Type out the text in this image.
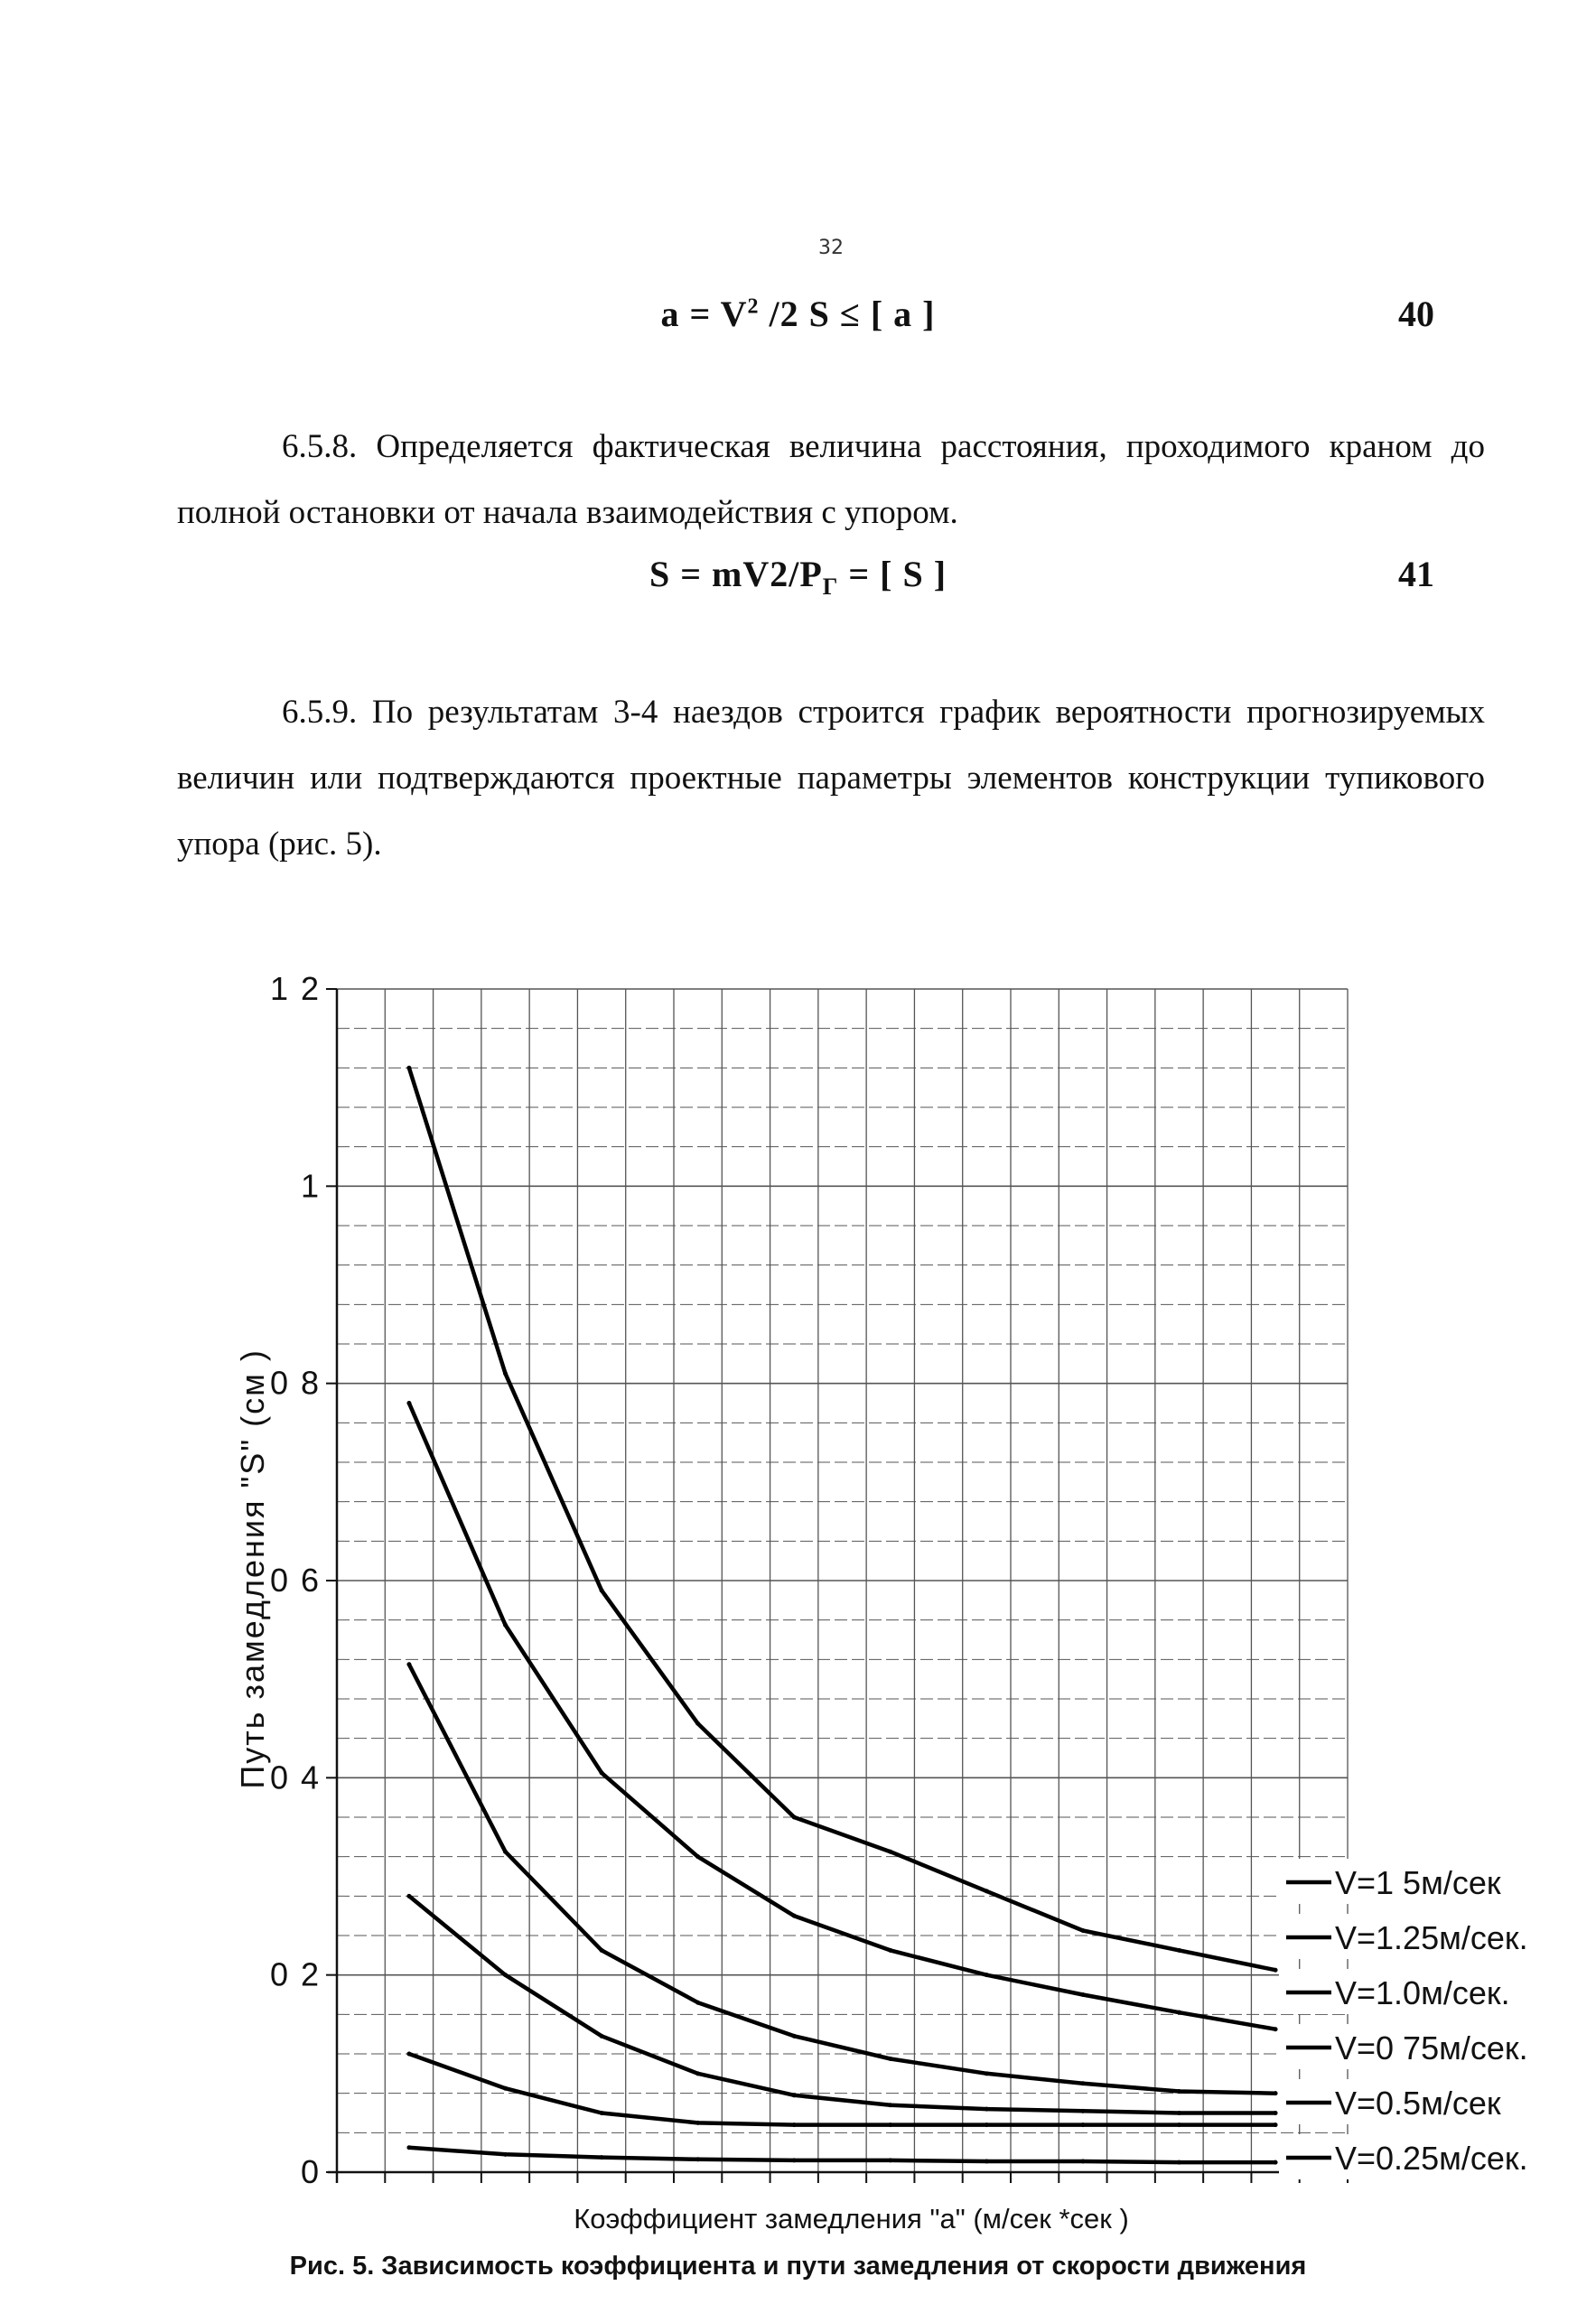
32
$a = V^2$ /2 S ≤ [ a ]	40

6.5.8. Определяется фактическая величина расстояния, проходимого краном до полной остановки от начала взаимодействия с упором.

$S = mV2/P_Г$ = [ S ]	41

6.5.9. По результатам 3-4 наездов строится график вероятности прогнозируемых величин или подтверждаются проектные параметры элементов конструкции тупикового упора (рис. 5).

0
0 2
0 4
0 6
0 8
1
1 2
Путь замедления "S" (см )
Коэффициент замедления "а" (м/сек *сек )
V=1 5м/сек
V=1.25м/сек.
V=1.0м/сек.
V=0 75м/сек.
V=0.5м/сек
V=0.25м/сек.
Рис. 5. Зависимость коэффициента и пути замедления от скорости движения
